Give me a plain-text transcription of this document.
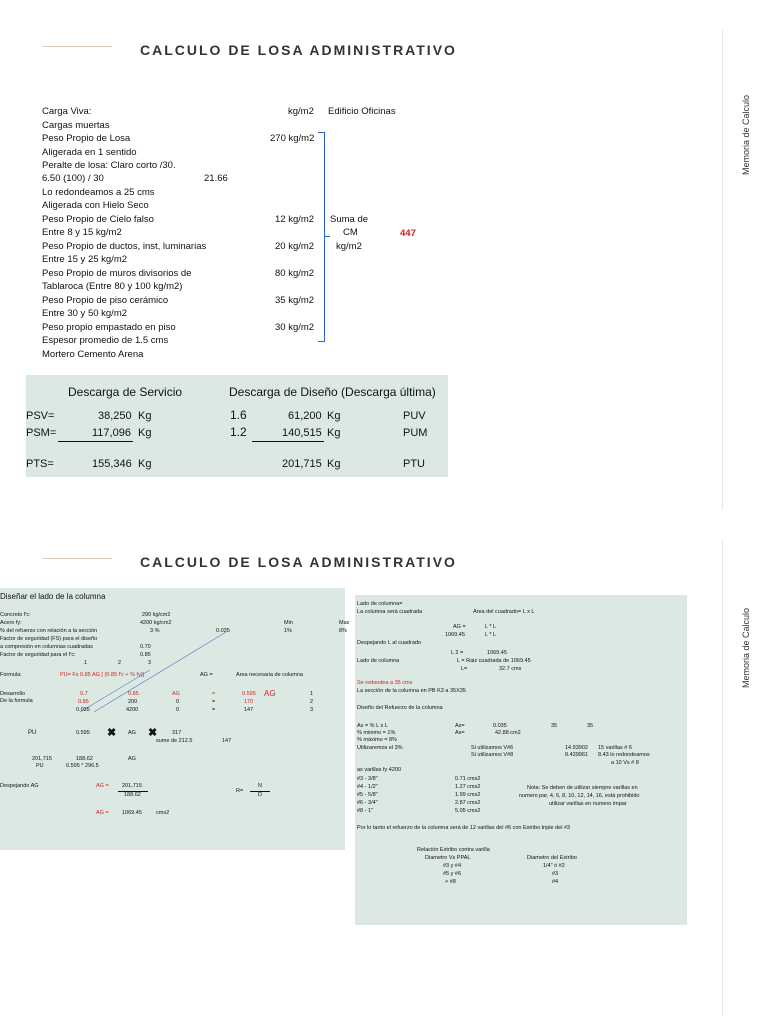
CALCULO DE LOSA ADMINISTRATIVO
Memoria de Calculo
Carga Viva:	kg/m2 Edificio Oficinas
Cargas muertas
Peso Propio de Losa	270 kg/m2
Aligerada en 1 sentido
Peralte de losa: Claro corto /30.
6.50 (100) / 30	21.66
Lo redondeamos a 25 cms
Aligerada con Hielo Seco
Peso Propio de Cielo falso	12 kg/m2 Suma de
Entre 8 y 15 kg/m2	CM
Peso Propio de ductos, inst, luminarias	20 kg/m2 kg/m2
Entre 15 y 25 kg/m2
Peso Propio de muros divisorios de	80 kg/m2
Tablaroca (Entre 80 y 100 kg/m2)
Peso Propio de piso cerámico	35 kg/m2
Entre 30 y 50 kg/m2
Peso propio empastado en piso	30 kg/m2
Espesor promedio de 1.5 cms
Mortero Cemento Arena
447
Descarga de Servicio	Descarga de Diseño (Descarga última)
PSV=	38,250 Kg	1.6	61,200 Kg	PUV
PSM=	117,096 Kg	1.2	140,515 Kg	PUM
PTS=	155,346 Kg	201,715 Kg	PTU
CALCULO DE LOSA ADMINISTRATIVO
Memoria de Calculo
Diseñar el lado de la columna
Concreto f'c:	290 kg/cm2
Acero fy:	4200 kg/cm2	Min	Max
% del refuerzo con relación a la sección	3 %	0.035	1%	8%
Factor de seguridad (FS) para el diseño
a compresión en columnas cuadradas	0.70
Factor de seguridad para el f'c:	0.85
1	2	3
Formula:	PU= Fs 0.85 AG [ (0.85 f'c + % fy)]	AG =	Area necesaria de columna
Desarrollo
De la formula
0.7	0.85	AG	=	0.595 AG	1
0.85	200	0	=	170	2
0.035	4200	0	=	147	3
PU	0.595 ✖ AG ✖	317
sume de 212.5	147
201,715	188.62	AG
PU	0.595 * 296.5
Despejando AG	AG = 201,715
188.62
R=
N
D
AG = 1069.45	cms2
Lado de columna=
La columna será cuadrada	Area del cuadrado= L x L
AG =	L * L
1069.45	L * L
Despejando L al cuadrado
L 2 =	1069.45
Lado de columna	L = Raiz cuadrada de 1069.45
L=	32.7 cms
Se redondea a 35 cms
La sección de la columna en PB K3 a 35X35
Diseño del Refuerzo de la columna
As = % L x L	As=	0.035	35	35
% minimo = 1%	As=	42.88 cm2
% máximo = 8%
Utilizaremos el 3%	Si utilizamos V#6	14.93902 15 varillas # 6
Si utilizamos V#8	8.439961 8.43 lo redondeamos
a 10 Vs # 8
as varillas fy 4200
#3 - 3/8"	0.71 cms2
#4 - 1/2"	1.27 cms2
#5 - 5/8"	1.99 cms2
#6 - 3/4"	2.87 cms2
#8 - 1"	5.05 cms2
Nota: Se deben de utilizar siempre varillas en
numero par, 4, 6, 8, 10, 12, 14, 16, está prohibido
utilizar varillas en numero impar
Por lo tanto el refuerzo de la columna será de 12 varillas del #6 con Estribo triple del #3
Relación Estribo contra varilla
Diametro Vs PPAL	Diametro del Estribo
#3 y #4	1/4" ó #2
#5 y #6	#3
> #8	#4
